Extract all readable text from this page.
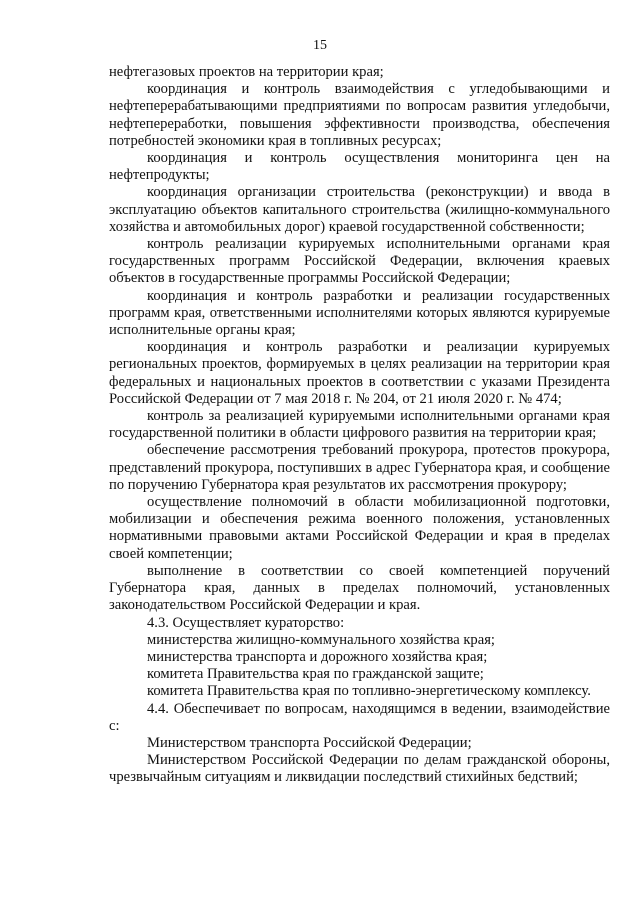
15

нефтегазовых проектов на территории края;

координация и контроль взаимодействия с угледобывающими и нефтеперерабатывающими предприятиями по вопросам развития угледобычи, нефтепереработки, повышения эффективности производства, обеспечения потребностей экономики края в топливных ресурсах;

координация и контроль осуществления мониторинга цен на нефтепродукты;

координация организации строительства (реконструкции) и ввода в эксплуатацию объектов капитального строительства (жилищно-коммунального хозяйства и автомобильных дорог) краевой государственной собственности;

контроль реализации курируемых исполнительными органами края государственных программ Российской Федерации, включения краевых объектов в государственные программы Российской Федерации;

координация и контроль разработки и реализации государственных программ края, ответственными исполнителями которых являются курируемые исполнительные органы края;

координация и контроль разработки и реализации курируемых региональных проектов, формируемых в целях реализации на территории края федеральных и национальных проектов в соответствии с указами Президента Российской Федерации от 7 мая 2018 г. № 204, от 21 июля 2020 г. № 474;

контроль за реализацией курируемыми исполнительными органами края государственной политики в области цифрового развития на территории края;

обеспечение рассмотрения требований прокурора, протестов прокурора, представлений прокурора, поступивших в адрес Губернатора края, и сообщение по поручению Губернатора края результатов их рассмотрения прокурору;

осуществление полномочий в области мобилизационной подготовки, мобилизации и обеспечения режима военного положения, установленных нормативными правовыми актами Российской Федерации и края в пределах своей компетенции;

выполнение в соответствии со своей компетенцией поручений Губернатора края, данных в пределах полномочий, установленных законодательством Российской Федерации и края.

4.3. Осуществляет кураторство:

министерства жилищно-коммунального хозяйства края;

министерства транспорта и дорожного хозяйства края;

комитета Правительства края по гражданской защите;

комитета Правительства края по топливно-энергетическому комплексу.

4.4. Обеспечивает по вопросам, находящимся в ведении, взаимодействие с:

Министерством транспорта Российской Федерации;

Министерством Российской Федерации по делам гражданской обороны, чрезвычайным ситуациям и ликвидации последствий стихийных бедствий;
